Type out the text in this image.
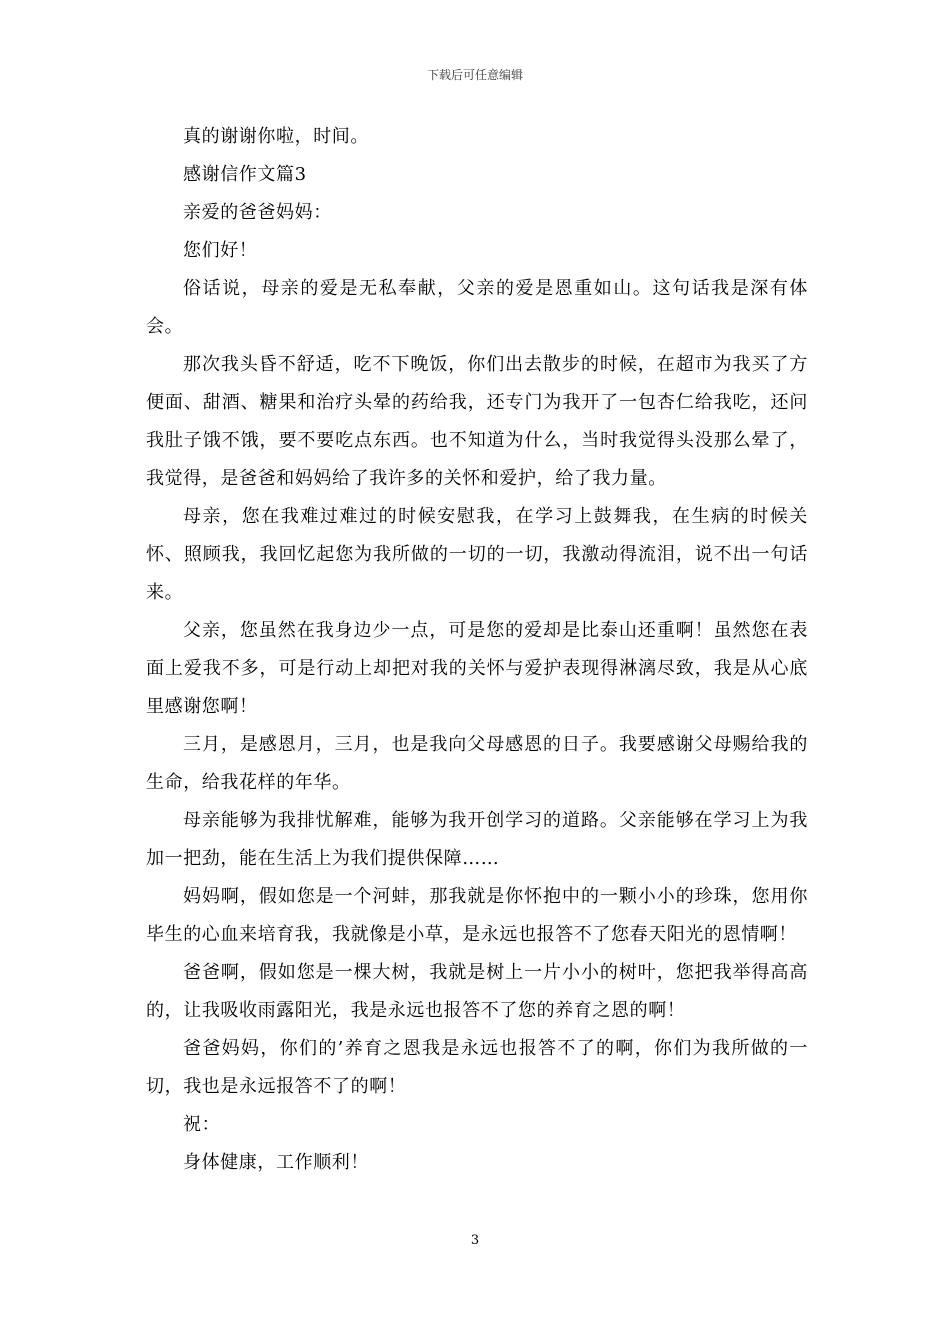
下载后可任意编辑

真的谢谢你啦，时间。

感谢信作文篇3

亲爱的爸爸妈妈：

您们好！

俗话说，母亲的爱是无私奉献，父亲的爱是恩重如山。这句话我是深有体会。

那次我头昏不舒适，吃不下晚饭，你们出去散步的时候，在超市为我买了方便面、甜酒、糖果和治疗头晕的药给我，还专门为我开了一包杏仁给我吃，还问我肚子饿不饿，要不要吃点东西。也不知道为什么，当时我觉得头没那么晕了，我觉得，是爸爸和妈妈给了我许多的关怀和爱护，给了我力量。

母亲，您在我难过难过的时候安慰我，在学习上鼓舞我，在生病的时候关怀、照顾我，我回忆起您为我所做的一切的一切，我激动得流泪，说不出一句话来。

父亲，您虽然在我身边少一点，可是您的爱却是比泰山还重啊！虽然您在表面上爱我不多，可是行动上却把对我的关怀与爱护表现得淋漓尽致，我是从心底里感谢您啊！

三月，是感恩月，三月，也是我向父母感恩的日子。我要感谢父母赐给我的生命，给我花样的年华。

母亲能够为我排忧解难，能够为我开创学习的道路。父亲能够在学习上为我加一把劲，能在生活上为我们提供保障……

妈妈啊，假如您是一个河蚌，那我就是你怀抱中的一颗小小的珍珠，您用你毕生的心血来培育我，我就像是小草，是永远也报答不了您春天阳光的恩情啊！

爸爸啊，假如您是一棵大树，我就是树上一片小小的树叶，您把我举得高高的，让我吸收雨露阳光，我是永远也报答不了您的养育之恩的啊！

爸爸妈妈，你们的’养育之恩我是永远也报答不了的啊，你们为我所做的一切，我也是永远报答不了的啊！

祝：

身体健康，工作顺利！

3
